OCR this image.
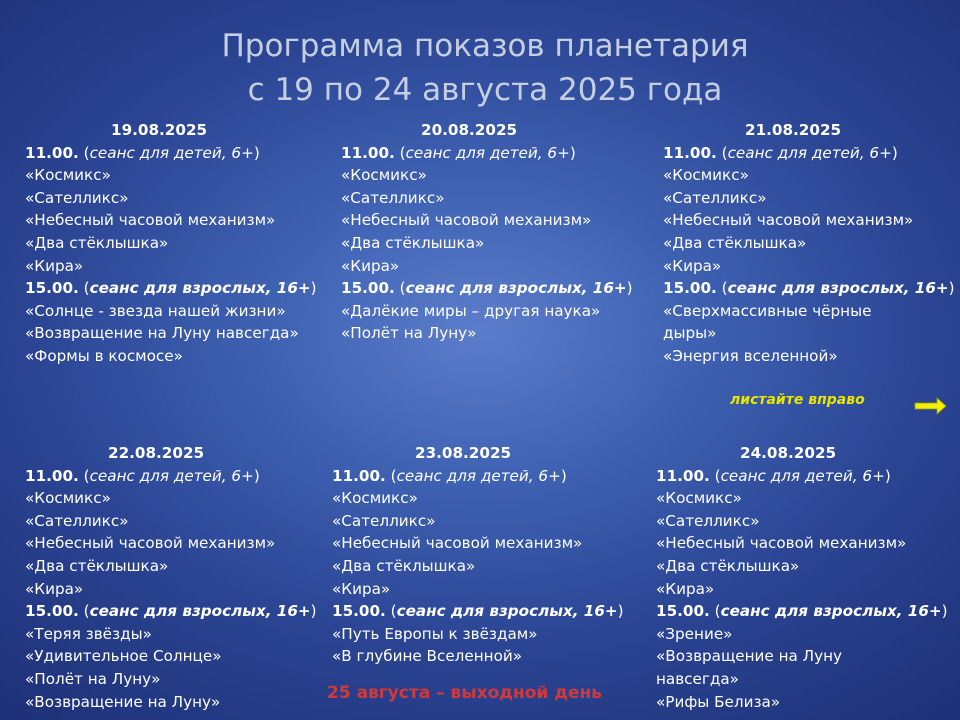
Программа показов планетария
с 19 по 24 августа 2025 года
19.08.2025
11.00. (сеанс для детей, 6+)
«Космикс»
«Сателликс»
«Небесный часовой механизм»
«Два стёклышка»
«Кира»
15.00. (сеанс для взрослых, 16+)
«Солнце - звезда нашей жизни»
«Возвращение на Луну навсегда»
«Формы в космосе»
20.08.2025
11.00. (сеанс для детей, 6+)
«Космикс»
«Сателликс»
«Небесный часовой механизм»
«Два стёклышка»
«Кира»
15.00. (сеанс для взрослых, 16+)
«Далёкие миры – другая наука»
«Полёт на Луну»
21.08.2025
11.00. (сеанс для детей, 6+)
«Космикс»
«Сателликс»
«Небесный часовой механизм»
«Два стёклышка»
«Кира»
15.00. (сеанс для взрослых, 16+)
«Сверхмассивные чёрные
дыры»
«Энергия вселенной»
22.08.2025
11.00. (сеанс для детей, 6+)
«Космикс»
«Сателликс»
«Небесный часовой механизм»
«Два стёклышка»
«Кира»
15.00. (сеанс для взрослых, 16+)
«Теряя звёзды»
«Удивительное Солнце»
«Полёт на Луну»
«Возвращение на Луну»
23.08.2025
11.00. (сеанс для детей, 6+)
«Космикс»
«Сателликс»
«Небесный часовой механизм»
«Два стёклышка»
«Кира»
15.00. (сеанс для взрослых, 16+)
«Путь Европы к звёздам»
«В глубине Вселенной»
24.08.2025
11.00. (сеанс для детей, 6+)
«Космикс»
«Сателликс»
«Небесный часовой механизм»
«Два стёклышка»
«Кира»
15.00. (сеанс для взрослых, 16+)
«Зрение»
«Возвращение на Луну
навсегда»
«Рифы Белиза»
листайте вправо
25 августа – выходной день
